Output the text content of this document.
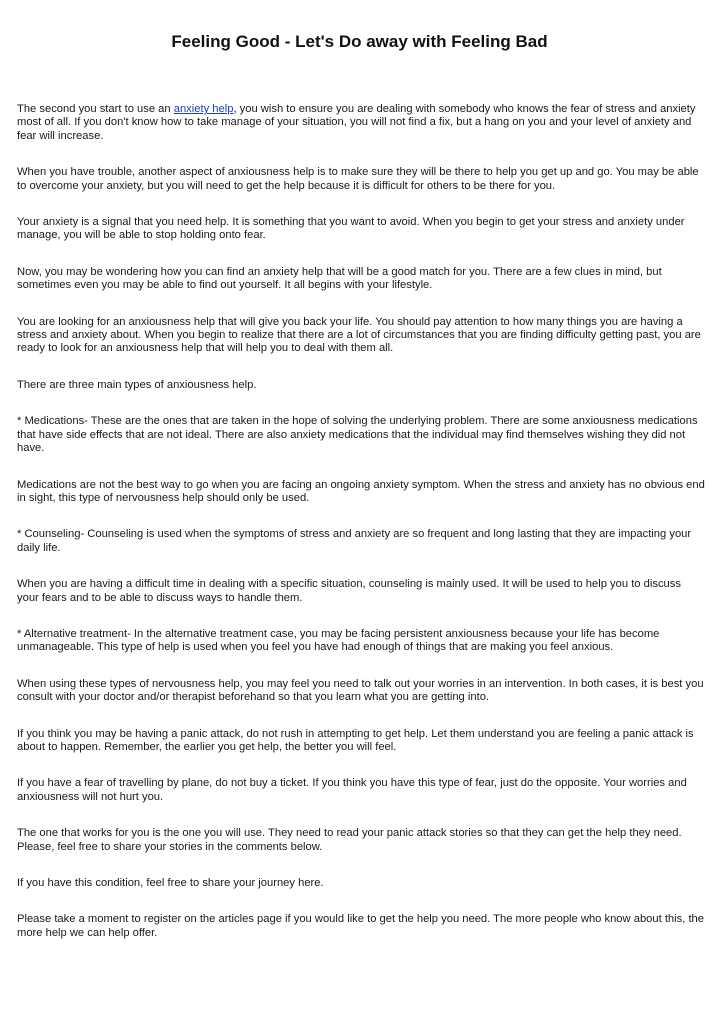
Feeling Good - Let's Do away with Feeling Bad

The second you start to use an anxiety help, you wish to ensure you are dealing with somebody who knows the fear of stress and anxiety most of all. If you don't know how to take manage of your situation, you will not find a fix, but a hang on you and your level of anxiety and fear will increase.

When you have trouble, another aspect of anxiousness help is to make sure they will be there to help you get up and go. You may be able to overcome your anxiety, but you will need to get the help because it is difficult for others to be there for you.

Your anxiety is a signal that you need help. It is something that you want to avoid. When you begin to get your stress and anxiety under manage, you will be able to stop holding onto fear.

Now, you may be wondering how you can find an anxiety help that will be a good match for you. There are a few clues in mind, but sometimes even you may be able to find out yourself. It all begins with your lifestyle.

You are looking for an anxiousness help that will give you back your life. You should pay attention to how many things you are having a stress and anxiety about. When you begin to realize that there are a lot of circumstances that you are finding difficulty getting past, you are ready to look for an anxiousness help that will help you to deal with them all.

There are three main types of anxiousness help.

* Medications- These are the ones that are taken in the hope of solving the underlying problem. There are some anxiousness medications that have side effects that are not ideal. There are also anxiety medications that the individual may find themselves wishing they did not have.

Medications are not the best way to go when you are facing an ongoing anxiety symptom. When the stress and anxiety has no obvious end in sight, this type of nervousness help should only be used.

* Counseling- Counseling is used when the symptoms of stress and anxiety are so frequent and long lasting that they are impacting your daily life.

When you are having a difficult time in dealing with a specific situation, counseling is mainly used. It will be used to help you to discuss your fears and to be able to discuss ways to handle them.

* Alternative treatment- In the alternative treatment case, you may be facing persistent anxiousness because your life has become unmanageable. This type of help is used when you feel you have had enough of things that are making you feel anxious.

When using these types of nervousness help, you may feel you need to talk out your worries in an intervention. In both cases, it is best you consult with your doctor and/or therapist beforehand so that you learn what you are getting into.

If you think you may be having a panic attack, do not rush in attempting to get help. Let them understand you are feeling a panic attack is about to happen. Remember, the earlier you get help, the better you will feel.

If you have a fear of travelling by plane, do not buy a ticket. If you think you have this type of fear, just do the opposite. Your worries and anxiousness will not hurt you.

The one that works for you is the one you will use. They need to read your panic attack stories so that they can get the help they need. Please, feel free to share your stories in the comments below.

If you have this condition, feel free to share your journey here.

Please take a moment to register on the articles page if you would like to get the help you need. The more people who know about this, the more help we can help offer.
